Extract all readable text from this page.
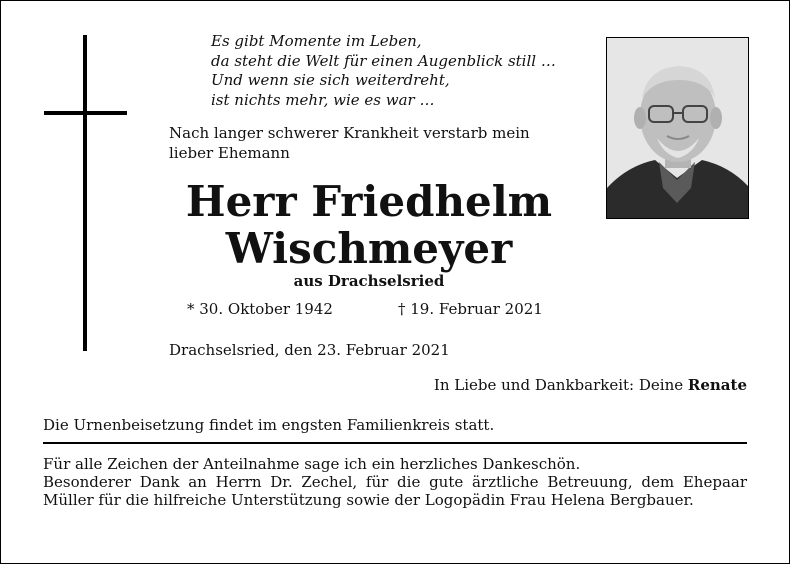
Es gibt Momente im Leben,
da steht die Welt für einen Augenblick still …
Und wenn sie sich weiterdreht,
ist nichts mehr, wie es war …
Nach langer schwerer Krankheit verstarb mein
lieber Ehemann
Herr Friedhelm
Wischmeyer
aus Drachselsried
* 30. Oktober 1942	† 19. Februar 2021
Drachselsried, den 23. Februar 2021
In Liebe und Dankbarkeit: Deine Renate
Die Urnenbeisetzung findet im engsten Familienkreis statt.

Für alle Zeichen der Anteilnahme sage ich ein herzliches Dankeschön.

Besonderer Dank an Herrn Dr. Zechel, für die gute ärztliche Betreuung, dem Ehepaar Müller für die hilfreiche Unterstützung sowie der Logopädin Frau Helena Bergbauer.
